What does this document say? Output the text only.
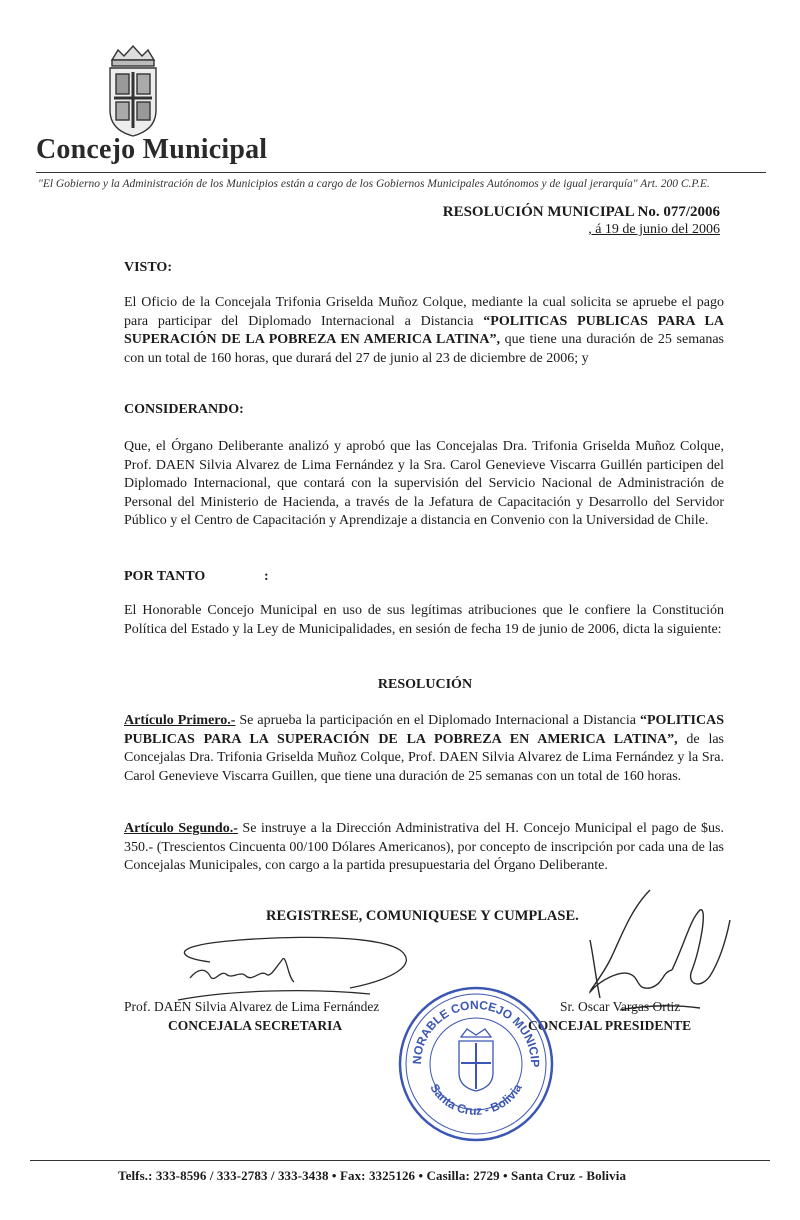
Concejo Municipal
"El Gobierno y la Administración de los Municipios están a cargo de los Gobiernos Municipales Autónomos y de igual jerarquía" Art. 200 C.P.E.
RESOLUCIÓN MUNICIPAL No. 077/2006
, á 19 de junio del 2006
VISTO:
El Oficio de la Concejala Trifonia Griselda Muñoz Colque, mediante la cual solicita se apruebe el pago para participar del Diplomado Internacional a Distancia “POLITICAS PUBLICAS PARA LA SUPERACIÓN DE LA POBREZA EN AMERICA LATINA”, que tiene una duración de 25 semanas con un total de 160 horas, que durará del 27 de junio al 23 de diciembre de 2006; y
CONSIDERANDO:
Que, el Órgano Deliberante analizó y aprobó que las Concejalas Dra. Trifonia Griselda Muñoz Colque, Prof. DAEN Silvia Alvarez de Lima Fernández y la Sra. Carol Genevieve Viscarra Guillén participen del Diplomado Internacional, que contará con la supervisión del Servicio Nacional de Administración de Personal del Ministerio de Hacienda, a través de la Jefatura de Capacitación y Desarrollo del Servidor Público y el Centro de Capacitación y Aprendizaje a distancia en Convenio con la Universidad de Chile.
POR TANTO	:
El Honorable Concejo Municipal en uso de sus legítimas atribuciones que le confiere la Constitución Política del Estado y la Ley de Municipalidades, en sesión de fecha 19 de junio de 2006, dicta la siguiente:
RESOLUCIÓN
Artículo Primero.- Se aprueba la participación en el Diplomado Internacional a Distancia “POLITICAS PUBLICAS PARA LA SUPERACIÓN DE LA POBREZA EN AMERICA LATINA”, de las Concejalas Dra. Trifonia Griselda Muñoz Colque, Prof. DAEN Silvia Alvarez de Lima Fernández y la Sra. Carol Genevieve Viscarra Guillen, que tiene una duración de 25 semanas con un total de 160 horas.
Artículo Segundo.- Se instruye a la Dirección Administrativa del H. Concejo Municipal el pago de $us. 350.- (Trescientos Cincuenta 00/100 Dólares Americanos), por concepto de inscripción por cada una de las Concejalas Municipales, con cargo a la partida presupuestaria del Órgano Deliberante.
REGISTRESE, COMUNIQUESE Y CUMPLASE.
Prof. DAEN Silvia Alvarez de Lima Fernández
CONCEJALA SECRETARIA
Sr. Oscar Vargas Ortiz
CONCEJAL PRESIDENTE
HONORABLE CONCEJO MUNICIPAL
Santa Cruz - Bolivia
Telfs.: 333-8596 / 333-2783 / 333-3438 • Fax: 3325126 • Casilla: 2729 • Santa Cruz - Bolivia
